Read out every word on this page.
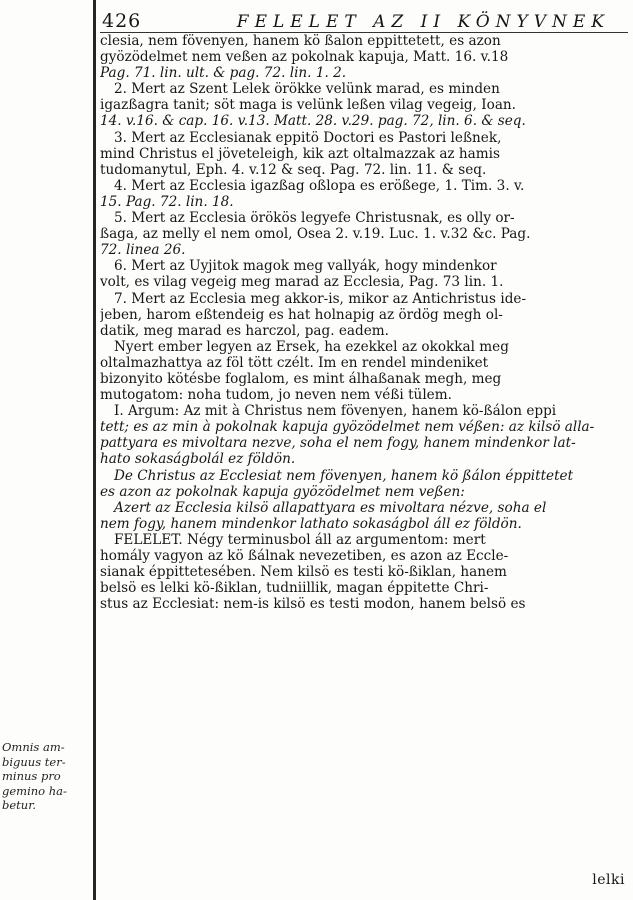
426	FELELET AZ II KÖNYVNEK
clesia, nem fövenyen, hanem kö ßalon eppittetett, es azon
gyözödelmet nem veßen az pokolnak kapuja, Matt. 16. v.18
Pag. 71. lin. ult. & pag. 72. lin. 1. 2.
2. Mert az Szent Lelek örökke velünk marad, es minden
igazßagra tanit; söt maga is velünk leßen vilag vegeig, Ioan.
14. v.16. & cap. 16. v.13. Matt. 28. v.29. pag. 72, lin. 6. & seq.
3. Mert az Ecclesianak eppitö Doctori es Pastori leßnek,
mind Christus el jöveteleigh, kik azt oltalmazzak az hamis
tudomanytul, Eph. 4. v.12 & seq. Pag. 72. lin. 11. & seq.
4. Mert az Ecclesia igazßag oßlopa es erößege, 1. Tim. 3. v.
15. Pag. 72. lin. 18.
5. Mert az Ecclesia örökös legyefe Christusnak, es olly or-
ßaga, az melly el nem omol, Osea 2. v.19. Luc. 1. v.32 &c. Pag.
72. linea 26.
6. Mert az Uyjitok magok meg vallyák, hogy mindenkor
volt, es vilag vegeig meg marad az Ecclesia, Pag. 73 lin. 1.
7. Mert az Ecclesia meg akkor-is, mikor az Antichristus ide-
jeben, harom eßtendeig es hat holnapig az ördög megh ol-
datik, meg marad es harczol, pag. eadem.
Nyert ember legyen az Ersek, ha ezekkel az okokkal meg
oltalmazhattya az föl tött czélt. Im en rendel mindeniket
bizonyito kötésbe foglalom, es mint álhaßanak megh, meg
mutogatom: noha tudom, jo neven nem véßi tülem.
I. Argum: Az mit à Christus nem fövenyen, hanem kö-ßálon eppi
tett; es az min à pokolnak kapuja gyözödelmet nem véßen: az kilsö alla-
pattyara es mivoltara nezve, soha el nem fogy, hanem mindenkor lat-
hato sokaságbolál ez földön.
De Christus az Ecclesiat nem fövenyen, hanem kö ßálon éppittetet
es azon az pokolnak kapuja gyözödelmet nem veßen:
Azert az Ecclesia kilsö allapattyara es mivoltara nézve, soha el
nem fogy, hanem mindenkor lathato sokaságbol áll ez földön.
FELELET. Négy terminusbol áll az argumentom: mert
homály vagyon az kö ßálnak nevezetiben, es azon az Eccle-
sianak éppittetesében. Nem kilsö es testi kö-ßiklan, hanem
belsö es lelki kö-ßiklan, tudniillik, magan éppitette Chri-
stus az Ecclesiat: nem-is kilsö es testi modon, hanem belsö es
Omnis am-
biguus ter-
minus pro
gemino ha-
betur.
lelki
